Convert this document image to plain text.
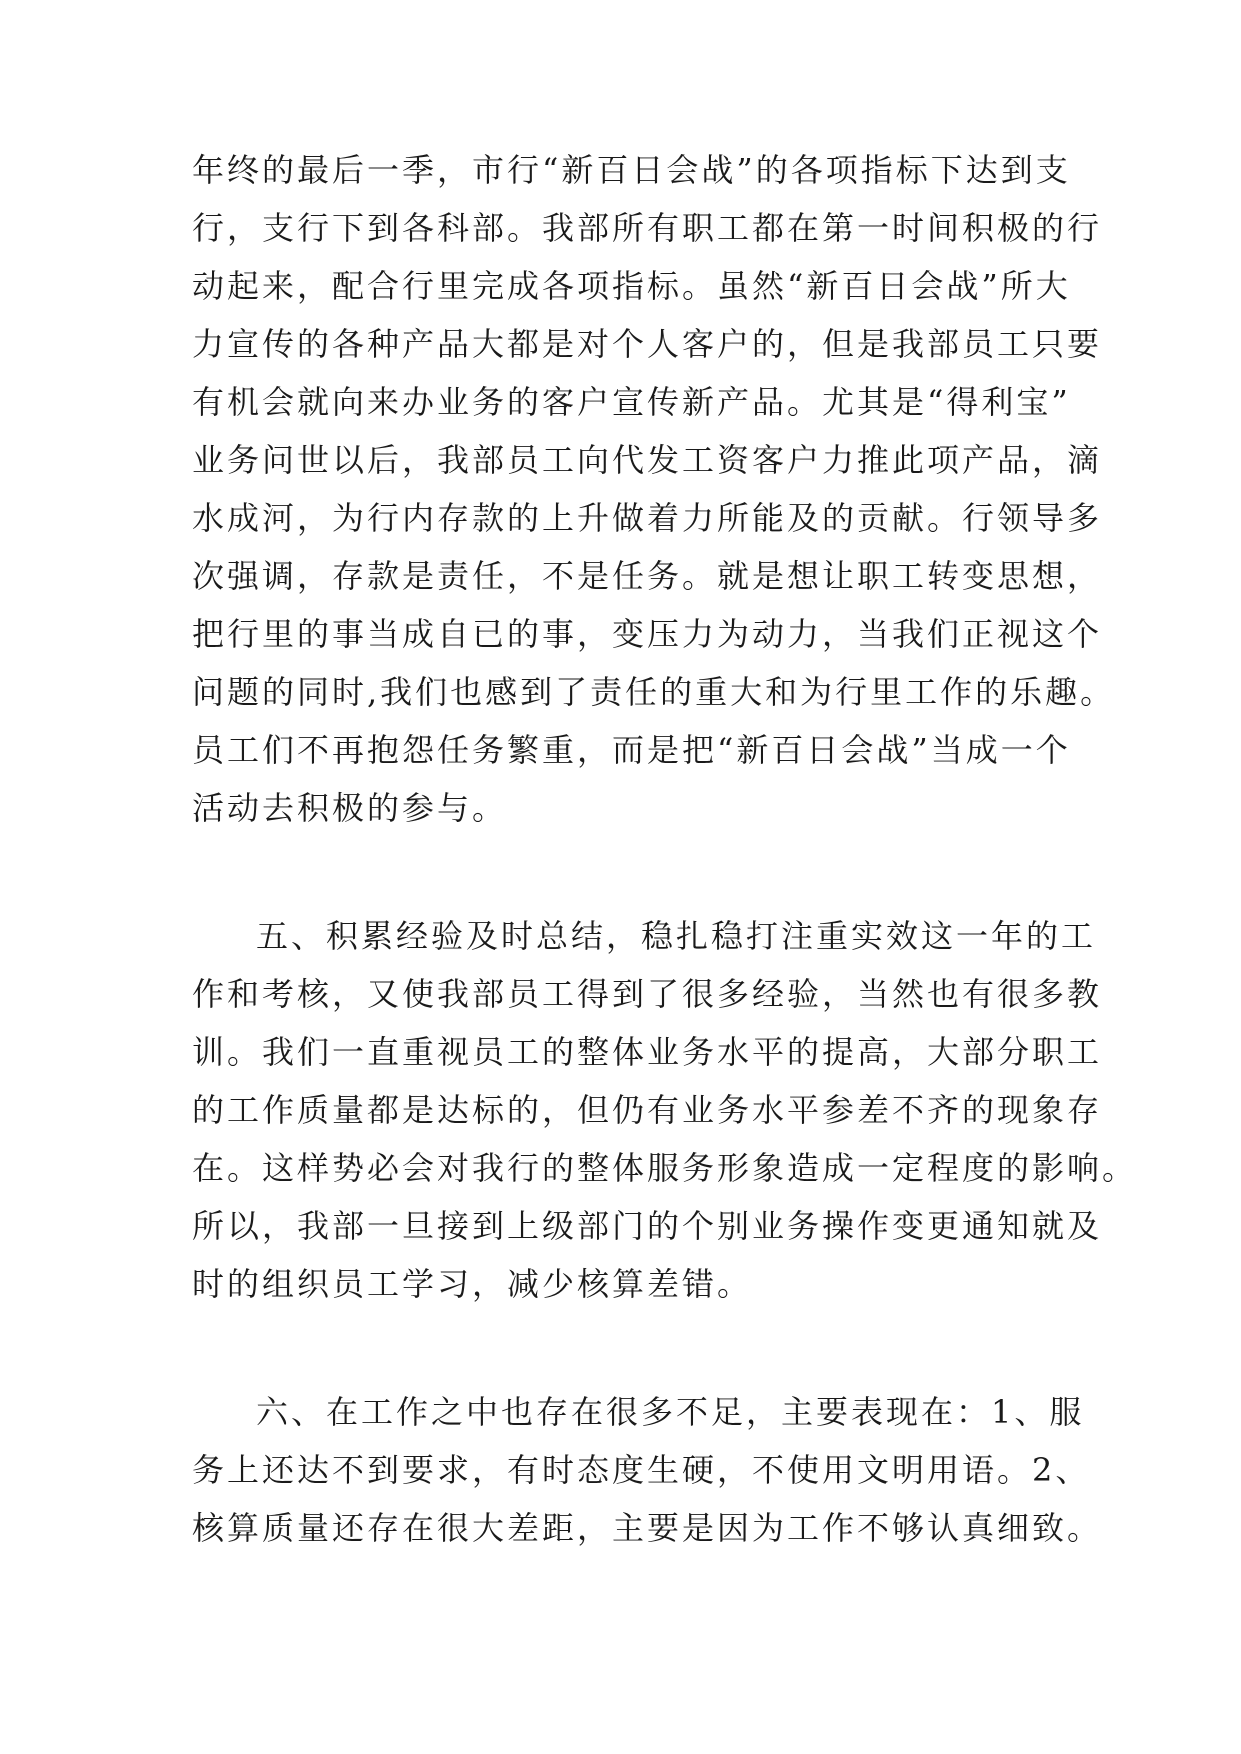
年终的最后一季，市行“新百日会战”的各项指标下达到支
行，支行下到各科部。我部所有职工都在第一时间积极的行
动起来，配合行里完成各项指标。虽然“新百日会战”所大
力宣传的各种产品大都是对个人客户的，但是我部员工只要
有机会就向来办业务的客户宣传新产品。尤其是“得利宝”
业务问世以后，我部员工向代发工资客户力推此项产品，滴
水成河，为行内存款的上升做着力所能及的贡献。行领导多
次强调，存款是责任，不是任务。就是想让职工转变思想，
把行里的事当成自已的事，变压力为动力，当我们正视这个
问题的同时,我们也感到了责任的重大和为行里工作的乐趣。
员工们不再抱怨任务繁重，而是把“新百日会战”当成一个
活动去积极的参与。
五、积累经验及时总结，稳扎稳打注重实效这一年的工
作和考核，又使我部员工得到了很多经验，当然也有很多教
训。我们一直重视员工的整体业务水平的提高，大部分职工
的工作质量都是达标的，但仍有业务水平参差不齐的现象存
在。这样势必会对我行的整体服务形象造成一定程度的影响。
所以，我部一旦接到上级部门的个别业务操作变更通知就及
时的组织员工学习，减少核算差错。
六、在工作之中也存在很多不足，主要表现在：1、服
务上还达不到要求，有时态度生硬，不使用文明用语。2、
核算质量还存在很大差距，主要是因为工作不够认真细致。
